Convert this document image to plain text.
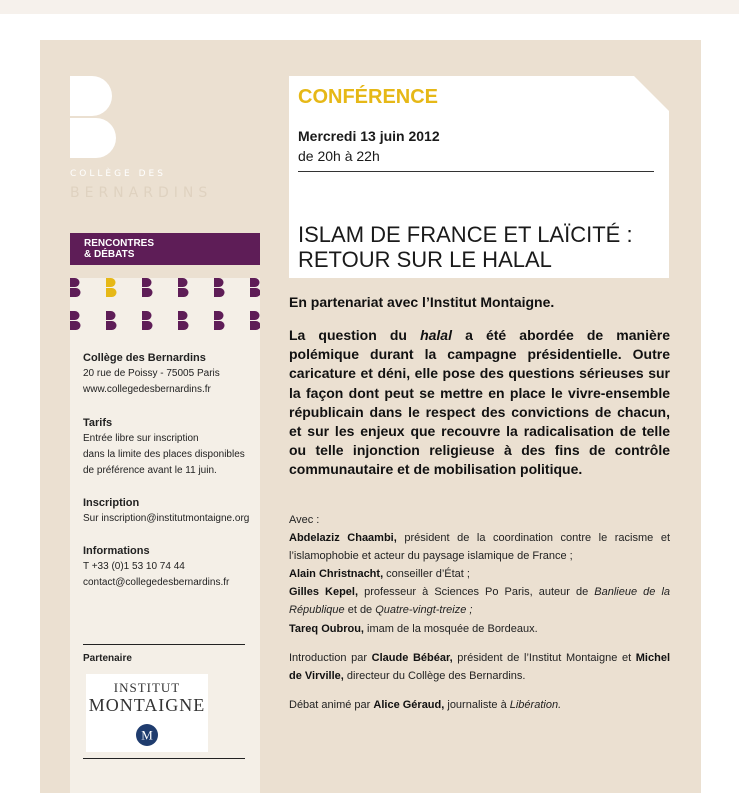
COLLÈGE DES
BERNARDINS
RENCONTRES
& DÉBATS
Collège des Bernardins
20 rue de Poissy - 75005 Paris
www.collegedesbernardins.fr
Tarifs
Entrée libre sur inscription
dans la limite des places disponibles
de préférence avant le 11 juin.
Inscription
Sur inscription@institutmontaigne.org
Informations
T +33 (0)1 53 10 74 44
contact@collegedesbernardins.fr
Partenaire
INSTITUT
MONTAIGNE
M
CONFÉRENCE
Mercredi 13 juin 2012
de 20h à 22h
ISLAM DE FRANCE ET LAÏCITÉ :
RETOUR SUR LE HALAL
En partenariat avec l’Institut Montaigne.
La question du halal a été abordée de manière polémique durant la campagne présidentielle. Outre caricature et déni, elle pose des questions sérieuses sur la façon dont peut se mettre en place le vivre-ensemble républicain dans le respect des convictions de chacun, et sur les enjeux que recouvre la radicalisation de telle ou telle injonction religieuse à des fins de contrôle communautaire et de mobilisation politique.
Avec :
Abdelaziz Chaambi, président de la coordination contre le racisme et l’islamophobie et acteur du paysage islamique de France ;
Alain Christnacht, conseiller d’État ;
Gilles Kepel, professeur à Sciences Po Paris, auteur de Banlieue de la République et de Quatre-vingt-treize ;
Tareq Oubrou, imam de la mosquée de Bordeaux.
Introduction par Claude Bébéar, président de l’Institut Montaigne et Michel de Virville, directeur du Collège des Bernardins.
Débat animé par Alice Géraud, journaliste à Libération.
